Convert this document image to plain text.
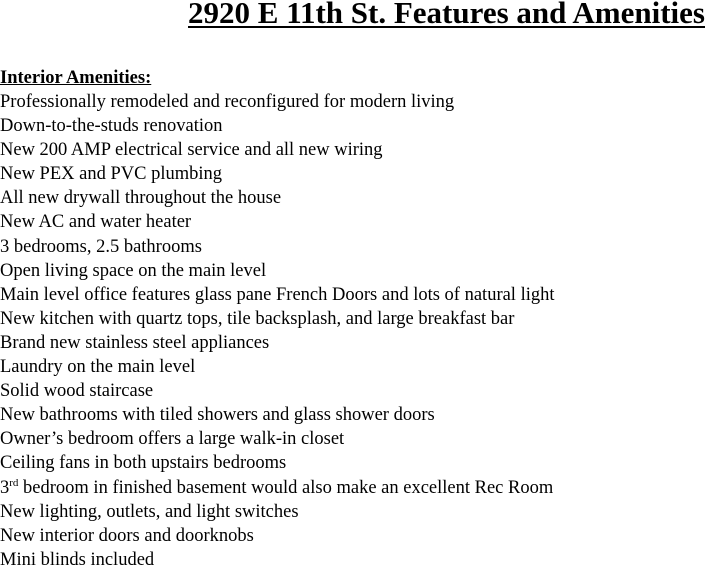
2920 E 11th St. Features and Amenities
Interior Amenities:
Professionally remodeled and reconfigured for modern living
Down-to-the-studs renovation
New 200 AMP electrical service and all new wiring
New PEX and PVC plumbing
All new drywall throughout the house
New AC and water heater
3 bedrooms, 2.5 bathrooms
Open living space on the main level
Main level office features glass pane French Doors and lots of natural light
New kitchen with quartz tops, tile backsplash, and large breakfast bar
Brand new stainless steel appliances
Laundry on the main level
Solid wood staircase
New bathrooms with tiled showers and glass shower doors
Owner’s bedroom offers a large walk-in closet
Ceiling fans in both upstairs bedrooms
3rd bedroom in finished basement would also make an excellent Rec Room
New lighting, outlets, and light switches
New interior doors and doorknobs
Mini blinds included
